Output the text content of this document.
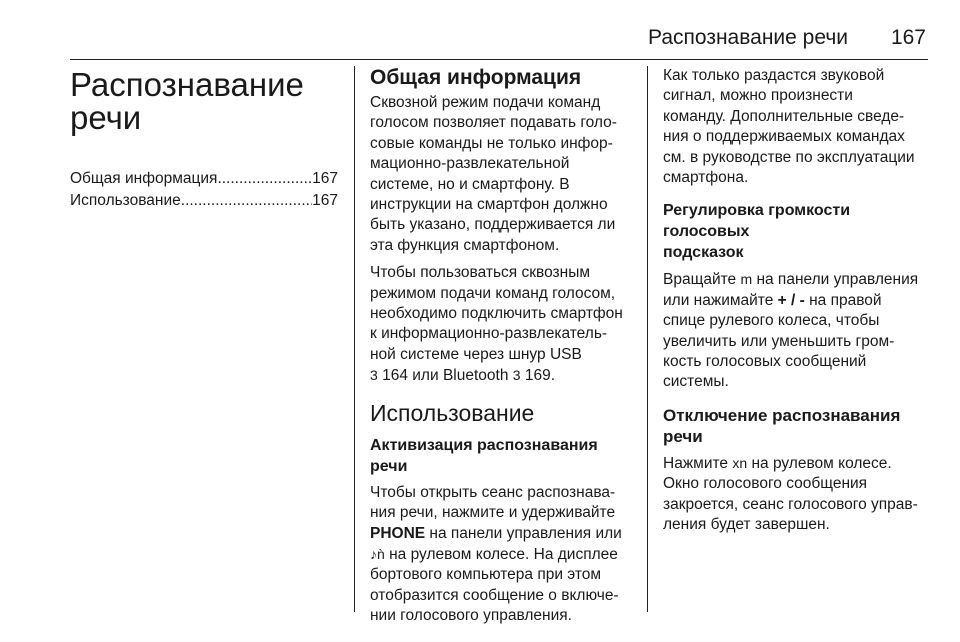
Распознавание речи 167
Распознавание
речи
Общая информация .....	167
Использование .....	167
Общая информация

Сквозной режим подачи команд
голосом позволяет подавать голо-
совые команды не только инфор-
мационно-развлекательной
системе, но и смартфону. В
инструкции на смартфон должно
быть указано, поддерживается ли
эта функция смартфоном.

Чтобы пользоваться сквозным
режимом подачи команд голосом,
необходимо подключить смартфон
к информационно-развлекатель-
ной системе через шнур USB
3 164 или Bluetooth 3 169.

Использование
Активизация распознавания
речи

Чтобы открыть сеанс распознава-
ния речи, нажмите и удерживайте
PHONE на панели управления или
♪ǹ на рулевом колесе. На дисплее
бортового компьютера при этом
отобразится сообщение о включе-
нии голосового управления.

Как только раздастся звуковой
сигнал, можно произнести
команду. Дополнительные сведе-
ния о поддерживаемых командах
см. в руководстве по эксплуатации
смартфона.

Регулировка громкости голосовых
подсказок

Вращайте m на панели управления
или нажимайте + / - на правой
спице рулевого колеса, чтобы
увеличить или уменьшить гром-
кость голосовых сообщений
системы.

Отключение распознавания
речи

Нажмите xn на рулевом колесе.
Окно голосового сообщения
закроется, сеанс голосового управ-
ления будет завершен.
